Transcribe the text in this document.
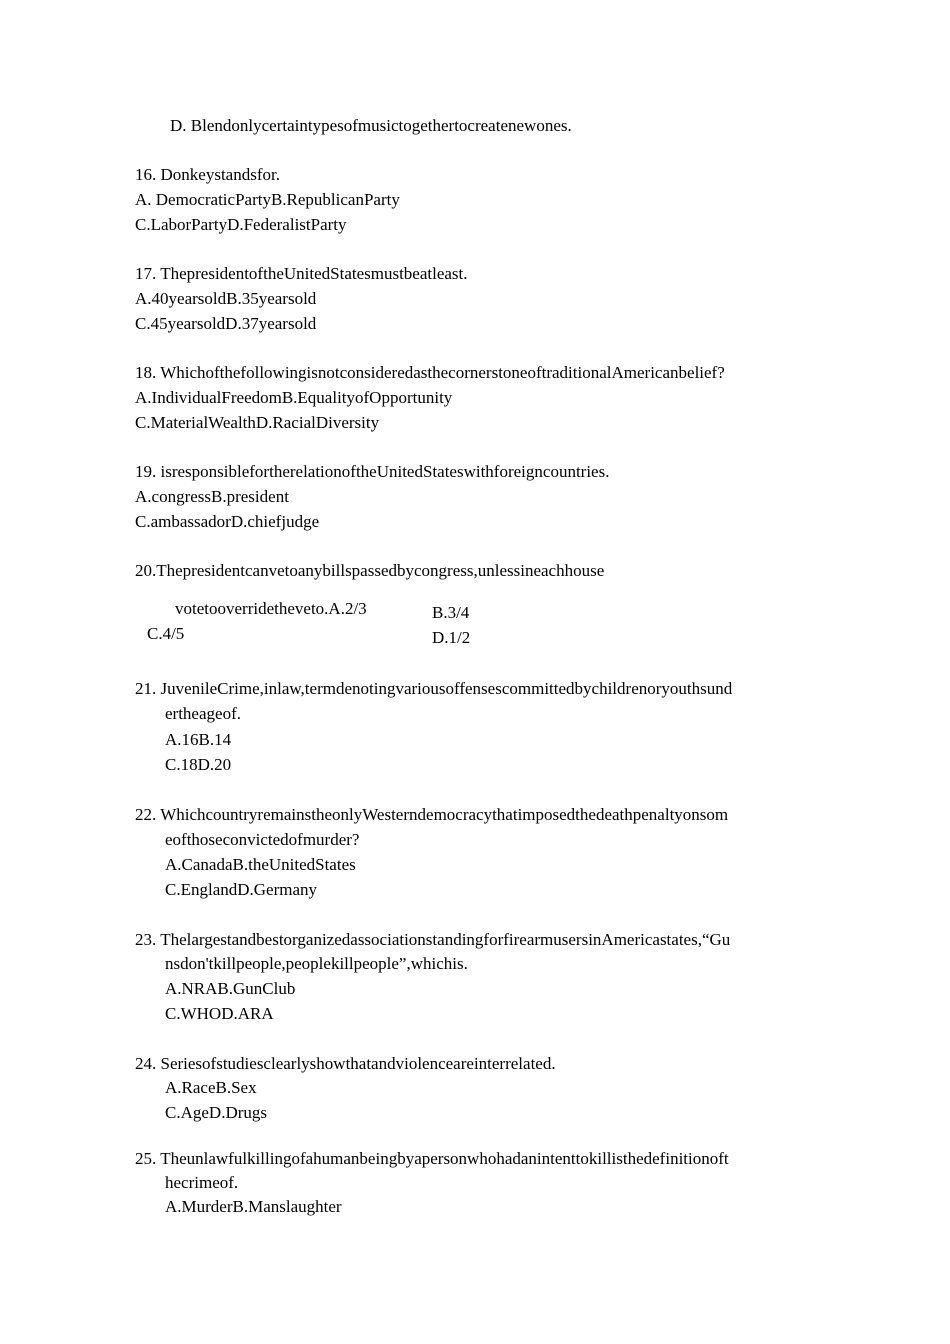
D. Blendonlycertaintypesofmusictogethertocreatenewones.
16. Donkeystandsfor.
A. DemocraticPartyB.RepublicanParty
C.LaborPartyD.FederalistParty
17. ThepresidentoftheUnitedStatesmustbeatleast.
A.40yearsoldB.35yearsold
C.45yearsoldD.37yearsold
18. WhichofthefollowingisnotconsideredasthecornerstoneoftraditionalAmericanbelief?
A.IndividualFreedomB.EqualityofOpportunity
C.MaterialWealthD.RacialDiversity
19. isresponsiblefortherelationoftheUnitedStateswithforeigncountries.
A.congressB.president
C.ambassadorD.chiefjudge
20.Thepresidentcanvetoanybillspassedbycongress,unlessineachhouse
votetooverridetheveto.A.2/3	B.3/4
C.4/5	D.1/2
21. JuvenileCrime,inlaw,termdenotingvariousoffensescommittedbychildrenoryouthsund
ertheageof.
A.16B.14
C.18D.20
22. WhichcountryremainstheonlyWesterndemocracythatimposedthedeathpenaltyonsom
eofthoseconvictedofmurder?
A.CanadaB.theUnitedStates
C.EnglandD.Germany
23. ThelargestandbestorganizedassociationstandingforfirearmusersinAmericastates,“Gu
nsdon'tkillpeople,peoplekillpeople”,whichis.
A.NRAB.GunClub
C.WHOD.ARA
24. Seriesofstudiesclearlyshowthatandviolenceareinterrelated.
A.RaceB.Sex
C.AgeD.Drugs
25. Theunlawfulkillingofahumanbeingbyapersonwhohadanintenttokillisthedefinitionoft
hecrimeof.
A.MurderB.Manslaughter
